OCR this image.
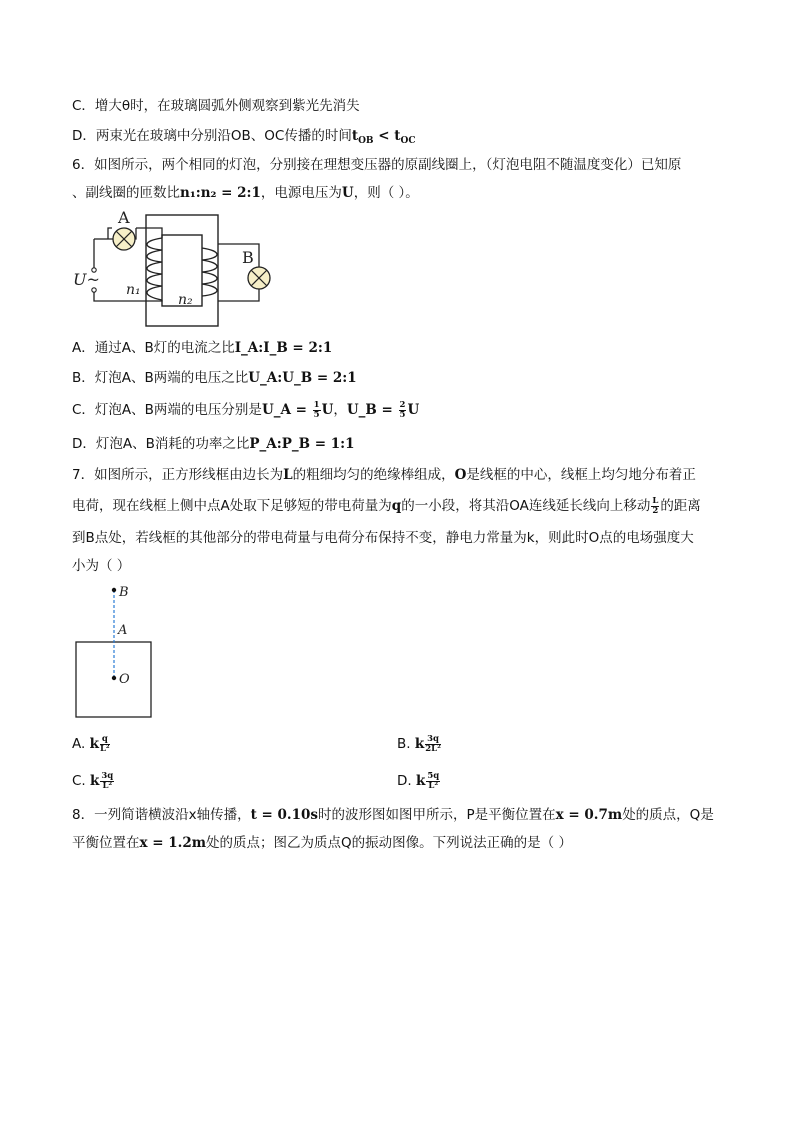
C．增大θ时，在玻璃圆弧外侧观察到紫光先消失
D．两束光在玻璃中分别沿OB、OC传播的时间$t_{OB} < t_{OC}$
6．如图所示，两个相同的灯泡，分别接在理想变压器的原副线圈上，（灯泡电阻不随温度变化）已知原
、副线圈的匝数比n₁:n₂ = 2:1，电源电压为U，则（ ）。
A
U~
n₁
n₂
B
A．通过A、B灯的电流之比I_A:I_B = 2:1
B．灯泡A、B两端的电压之比U_A:U_B = 2:1
C．灯泡A、B两端的电压分别是U_A = $\frac{1}{5}$ U，U_B = $\frac{2}{5}$ U
D．灯泡A、B消耗的功率之比P_A:P_B = 1:1
7．如图所示，正方形线框由边长为L的粗细均匀的绝缘棒组成，O是线框的中心，线框上均匀地分布着正
电荷，现在线框上侧中点A处取下足够短的带电荷量为q的一小段，将其沿OA连线延长线向上移动 $\frac{L}{2}$ 的距离
到B点处，若线框的其他部分的带电荷量与电荷分布保持不变，静电力常量为k，则此时O点的电场强度大
小为（ ）
B
A
O
A. k $\frac{q}{\text{L²}}$	B. k $\frac{3q}{\text{2L²}}$
C. k $\frac{3q}{\text{L²}}$	D. k $\frac{5q}{\text{L²}}$
8．一列简谐横波沿x轴传播，t = 0.10s时的波形图如图甲所示，P是平衡位置在x = 0.7m处的质点，Q是
平衡位置在x = 1.2m处的质点；图乙为质点Q的振动图像。下列说法正确的是（ ）
